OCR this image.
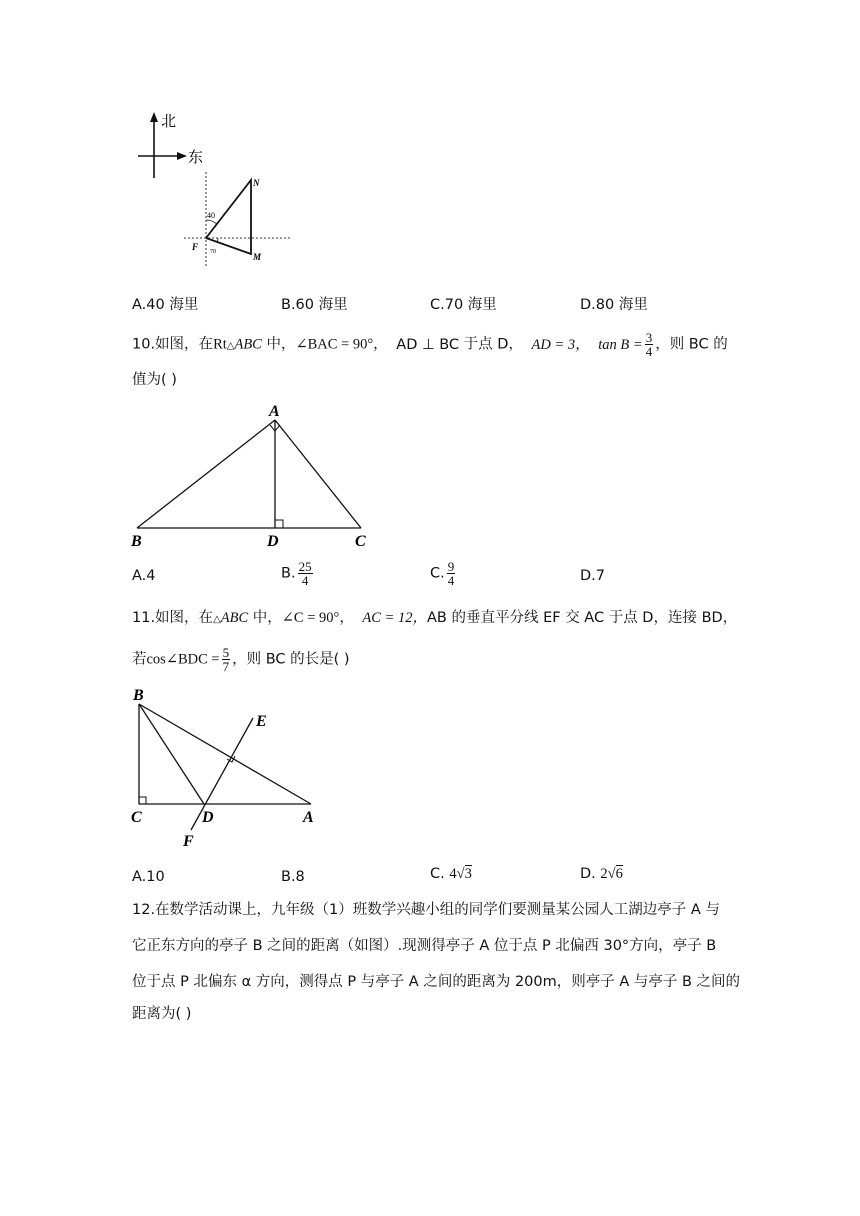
北
东
N
M
F
40
70
A.40 海里	B.60 海里	C.70 海里	D.80 海里
10.如图，在Rt△ABC 中，∠BAC = 90°， AD ⊥ BC 于点 D， AD = 3， $\tan B = \frac{3}{4}$ ，则 BC 的
值为( )
A
B	D	C
A.4	B. $\frac{25}{4}$	C. $\frac{9}{4}$	D.7
11.如图，在△ABC 中，∠C = 90°， AC = 12，AB 的垂直平分线 EF 交 AC 于点 D，连接 BD，
若cos∠BDC = $\frac{5}{7}$ ，则 BC 的长是( )
B
E
C	D	A
F
A.10	B.8	C. 4√3	D. 2√6
12.在数学活动课上，九年级（1）班数学兴趣小组的同学们要测量某公园人工湖边亭子 A 与
它正东方向的亭子 B 之间的距离（如图）.现测得亭子 A 位于点 P 北偏西 30°方向，亭子 B
位于点 P 北偏东 α 方向，测得点 P 与亭子 A 之间的距离为 200m，则亭子 A 与亭子 B 之间的
距离为( )
